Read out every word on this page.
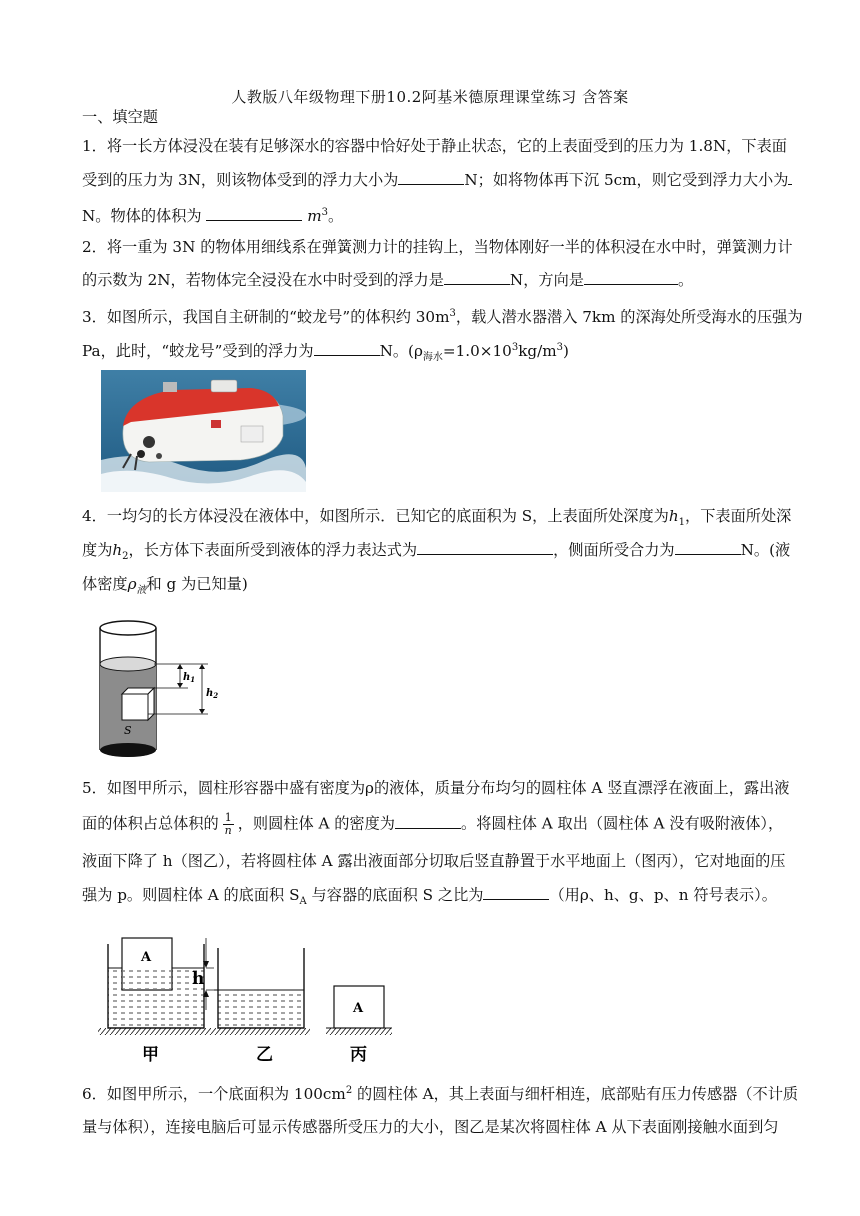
人教版八年级物理下册10.2阿基米德原理课堂练习 含答案
一、填空题
1．将一长方体浸没在装有足够深水的容器中恰好处于静止状态，它的上表面受到的压力为 1.8N，下表面
受到的压力为 3N，则该物体受到的浮力大小为	N；如将物体再下沉 5cm，则它受到浮力大小为
N。物体的体积为	$m^3$。
2．将一重为 3N 的物体用细线系在弹簧测力计的挂钩上，当物体刚好一半的体积浸在水中时，弹簧测力计
的示数为 2N，若物体完全浸没在水中时受到的浮力是	N，方向是	。
3．如图所示，我国自主研制的“蛟龙号”的体积约 $30m^3$，载人潜水器潜入 7km 的深海处所受海水的压强为
Pa，此时，“蛟龙号”受到的浮力为	N。$(\rho_{海水}=1.0\times 10^3kg/m^3)$
4．一均匀的长方体浸没在液体中，如图所示．已知它的底面积为 S，上表面所处深度为$h_1$，下表面所处深
度为$h_2$，长方体下表面所受到液体的浮力表达式为	，侧面所受合力为	N。(液
体密度$\rho_液$和 g 为已知量)
S
$h_1$
$h_2$
5．如图甲所示，圆柱形容器中盛有密度为ρ的液体，质量分布均匀的圆柱体 A 竖直漂浮在液面上，露出液
面的体积占总体积的 $\frac{1}{n}$ ，则圆柱体 A 的密度为	。将圆柱体 A 取出（圆柱体 A 没有吸附液体），
液面下降了 h（图乙），若将圆柱体 A 露出液面部分切取后竖直静置于水平地面上（图丙），它对地面的压
强为 p。则圆柱体 A 的底面积 $S_A$ 与容器的底面积 S 之比为	（用ρ、h、g、p、n 符号表示）。
A
甲
h
乙
A
丙
6．如图甲所示，一个底面积为 $100cm^2$ 的圆柱体 A，其上表面与细杆相连，底部贴有压力传感器（不计质
量与体积），连接电脑后可显示传感器所受压力的大小，图乙是某次将圆柱体 A 从下表面刚接触水面到匀
